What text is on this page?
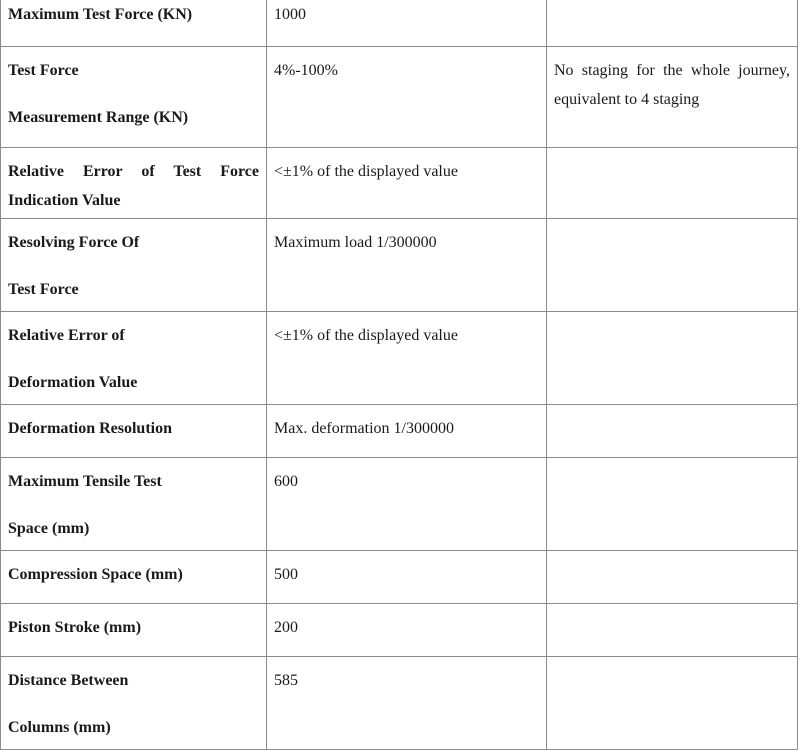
Maximum Test Force (KN)	1000	

Test Force
Measurement Range (KN)	4%-100%	No staging for the whole journey, equivalent to 4 staging

Relative Error of Test Force
Indication Value	<±1% of the displayed value	

Resolving Force Of
Test Force	Maximum load 1/300000	

Relative Error of
Deformation Value	<±1% of the displayed value	

Deformation Resolution	Max. deformation 1/300000	

Maximum Tensile Test
Space (mm)	600	

Compression Space (mm)	500	

Piston Stroke (mm)	200	

Distance Between
Columns (mm)	585	
